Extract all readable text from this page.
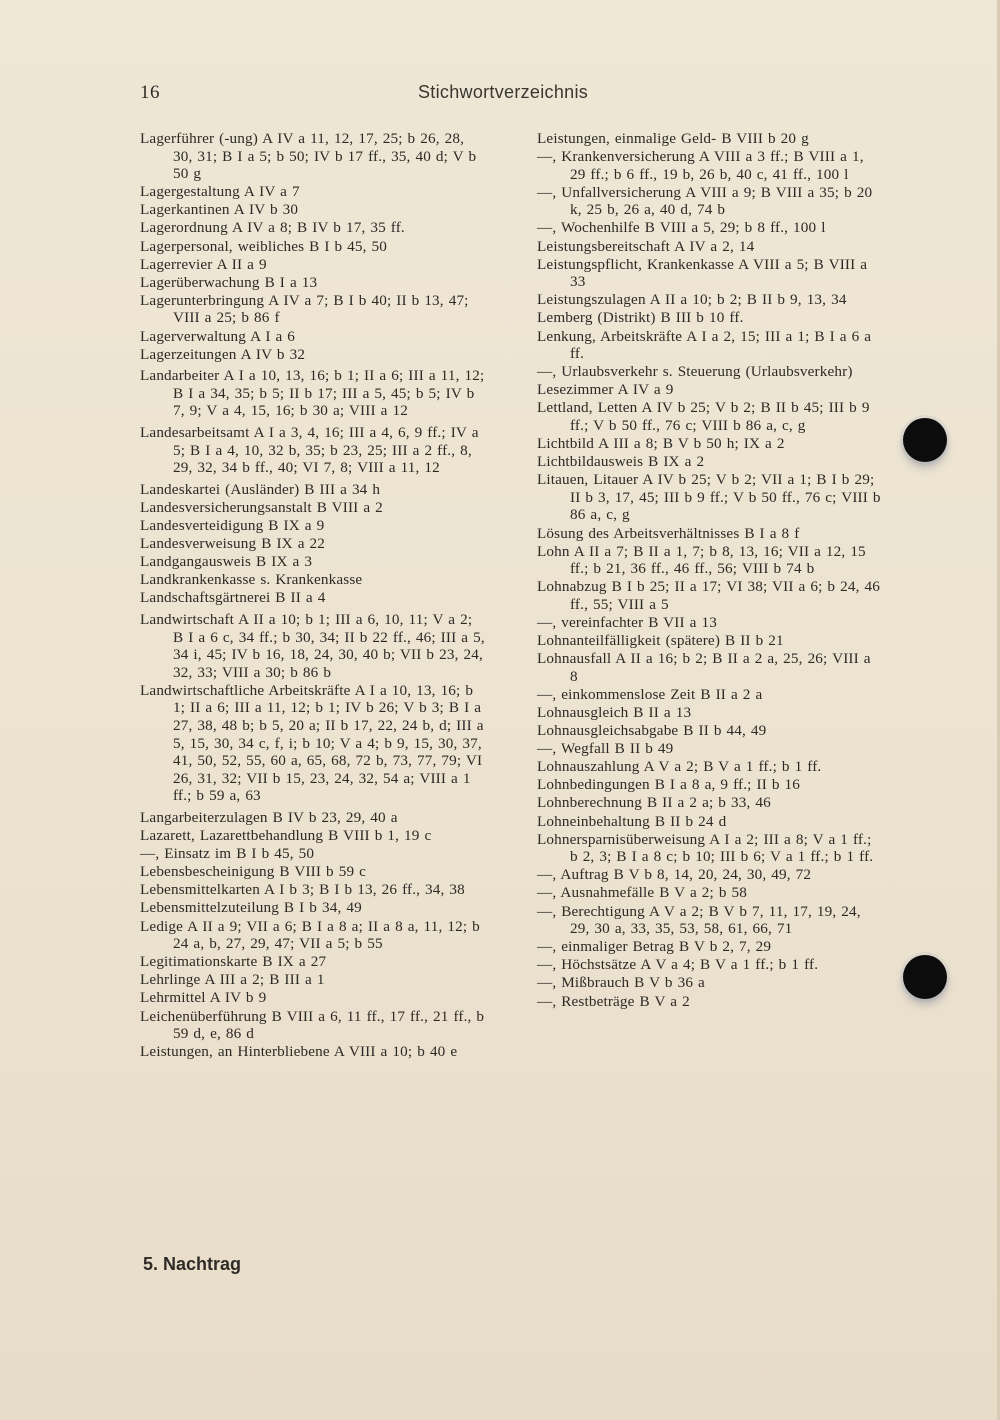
16	Stichwortverzeichnis
Lagerführer (-ung) A IV a 11, 12, 17, 25; b 26, 28, 30, 31; B I a 5; b 50; IV b 17 ff., 35, 40 d; V b 50 g
Lagergestaltung A IV a 7
Lagerkantinen A IV b 30
Lagerordnung A IV a 8; B IV b 17, 35 ff.
Lagerpersonal, weibliches B I b 45, 50
Lagerrevier A II a 9
Lagerüberwachung B I a 13
Lagerunterbringung A IV a 7; B I b 40; II b 13, 47; VIII a 25; b 86 f
Lagerverwaltung A I a 6
Lagerzeitungen A IV b 32
Landarbeiter A I a 10, 13, 16; b 1; II a 6; III a 11, 12; B I a 34, 35; b 5; II b 17; III a 5, 45; b 5; IV b 7, 9; V a 4, 15, 16; b 30 a; VIII a 12
Landesarbeitsamt A I a 3, 4, 16; III a 4, 6, 9 ff.; IV a 5; B I a 4, 10, 32 b, 35; b 23, 25; III a 2 ff., 8, 29, 32, 34 b ff., 40; VI 7, 8; VIII a 11, 12
Landeskartei (Ausländer) B III a 34 h
Landesversicherungsanstalt B VIII a 2
Landesverteidigung B IX a 9
Landesverweisung B IX a 22
Landgangausweis B IX a 3
Landkrankenkasse s. Krankenkasse
Landschaftsgärtnerei B II a 4
Landwirtschaft A II a 10; b 1; III a 6, 10, 11; V a 2; B I a 6 c, 34 ff.; b 30, 34; II b 22 ff., 46; III a 5, 34 i, 45; IV b 16, 18, 24, 30, 40 b; VII b 23, 24, 32, 33; VIII a 30; b 86 b
Landwirtschaftliche Arbeitskräfte A I a 10, 13, 16; b 1; II a 6; III a 11, 12; b 1; IV b 26; V b 3; B I a 27, 38, 48 b; b 5, 20 a; II b 17, 22, 24 b, d; III a 5, 15, 30, 34 c, f, i; b 10; V a 4; b 9, 15, 30, 37, 41, 50, 52, 55, 60 a, 65, 68, 72 b, 73, 77, 79; VI 26, 31, 32; VII b 15, 23, 24, 32, 54 a; VIII a 1 ff.; b 59 a, 63
Langarbeiterzulagen B IV b 23, 29, 40 a
Lazarett, Lazarettbehandlung B VIII b 1, 19 c
—, Einsatz im B I b 45, 50
Lebensbescheinigung B VIII b 59 c
Lebensmittelkarten A I b 3; B I b 13, 26 ff., 34, 38
Lebensmittelzuteilung B I b 34, 49
Ledige A II a 9; VII a 6; B I a 8 a; II a 8 a, 11, 12; b 24 a, b, 27, 29, 47; VII a 5; b 55
Legitimationskarte B IX a 27
Lehrlinge A III a 2; B III a 1
Lehrmittel A IV b 9
Leichenüberführung B VIII a 6, 11 ff., 17 ff., 21 ff., b 59 d, e, 86 d
Leistungen, an Hinterbliebene A VIII a 10; b 40 e
Leistungen, einmalige Geld- B VIII b 20 g
—, Krankenversicherung A VIII a 3 ff.; B VIII a 1, 29 ff.; b 6 ff., 19 b, 26 b, 40 c, 41 ff., 100 l
—, Unfallversicherung A VIII a 9; B VIII a 35; b 20 k, 25 b, 26 a, 40 d, 74 b
—, Wochenhilfe B VIII a 5, 29; b 8 ff., 100 l
Leistungsbereitschaft A IV a 2, 14
Leistungspflicht, Krankenkasse A VIII a 5; B VIII a 33
Leistungszulagen A II a 10; b 2; B II b 9, 13, 34
Lemberg (Distrikt) B III b 10 ff.
Lenkung, Arbeitskräfte A I a 2, 15; III a 1; B I a 6 a ff.
—, Urlaubsverkehr s. Steuerung (Urlaubsverkehr)
Lesezimmer A IV a 9
Lettland, Letten A IV b 25; V b 2; B II b 45; III b 9 ff.; V b 50 ff., 76 c; VIII b 86 a, c, g
Lichtbild A III a 8; B V b 50 h; IX a 2
Lichtbildausweis B IX a 2
Litauen, Litauer A IV b 25; V b 2; VII a 1; B I b 29; II b 3, 17, 45; III b 9 ff.; V b 50 ff., 76 c; VIII b 86 a, c, g
Lösung des Arbeitsverhältnisses B I a 8 f
Lohn A II a 7; B II a 1, 7; b 8, 13, 16; VII a 12, 15 ff.; b 21, 36 ff., 46 ff., 56; VIII b 74 b
Lohnabzug B I b 25; II a 17; VI 38; VII a 6; b 24, 46 ff., 55; VIII a 5
—, vereinfachter B VII a 13
Lohnanteilfälligkeit (spätere) B II b 21
Lohnausfall A II a 16; b 2; B II a 2 a, 25, 26; VIII a 8
—, einkommenslose Zeit B II a 2 a
Lohnausgleich B II a 13
Lohnausgleichsabgabe B II b 44, 49
—, Wegfall B II b 49
Lohnauszahlung A V a 2; B V a 1 ff.; b 1 ff.
Lohnbedingungen B I a 8 a, 9 ff.; II b 16
Lohnberechnung B II a 2 a; b 33, 46
Lohneinbehaltung B II b 24 d
Lohnersparnisüberweisung A I a 2; III a 8; V a 1 ff.; b 2, 3; B I a 8 c; b 10; III b 6; V a 1 ff.; b 1 ff.
—, Auftrag B V b 8, 14, 20, 24, 30, 49, 72
—, Ausnahmefälle B V a 2; b 58
—, Berechtigung A V a 2; B V b 7, 11, 17, 19, 24, 29, 30 a, 33, 35, 53, 58, 61, 66, 71
—, einmaliger Betrag B V b 2, 7, 29
—, Höchstsätze A V a 4; B V a 1 ff.; b 1 ff.
—, Mißbrauch B V b 36 a
—, Restbeträge B V a 2
5. Nachtrag
